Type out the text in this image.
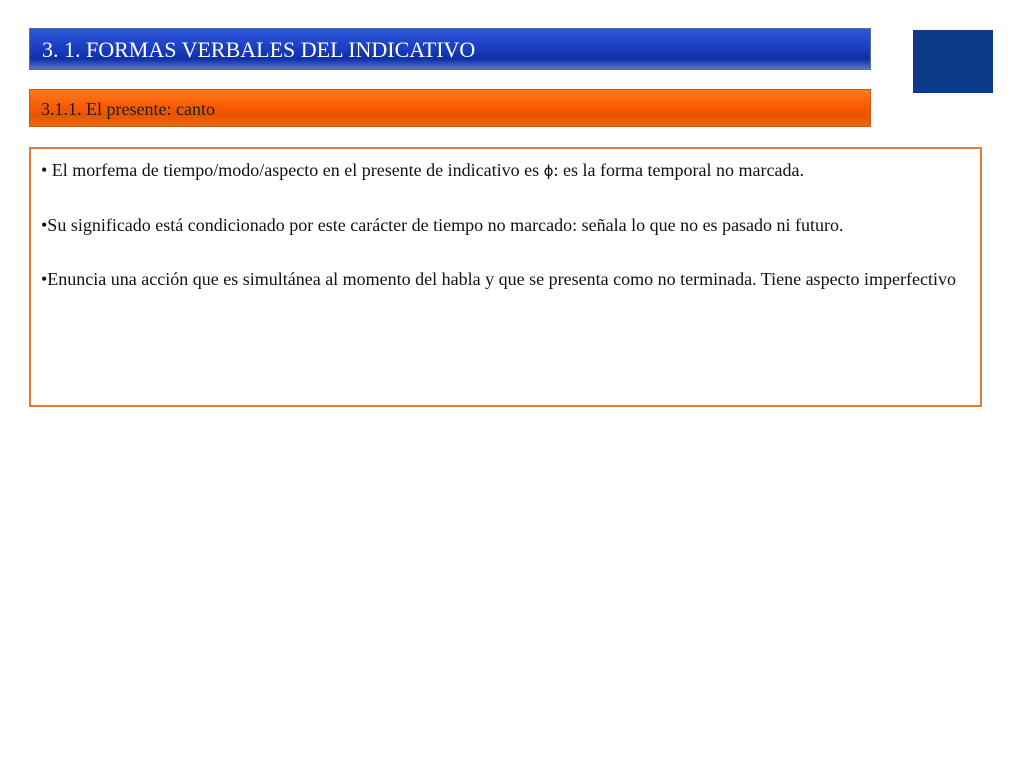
3. 1. FORMAS VERBALES DEL INDICATIVO
3.1.1. El presente: canto

• El morfema de tiempo/modo/aspecto en el presente de indicativo es ϕ: es la forma temporal no marcada.

•Su significado está condicionado por este carácter de tiempo no marcado: señala lo que no es pasado ni futuro.

•Enuncia una acción que es simultánea al momento del habla y que se presenta como no terminada. Tiene aspecto imperfectivo
